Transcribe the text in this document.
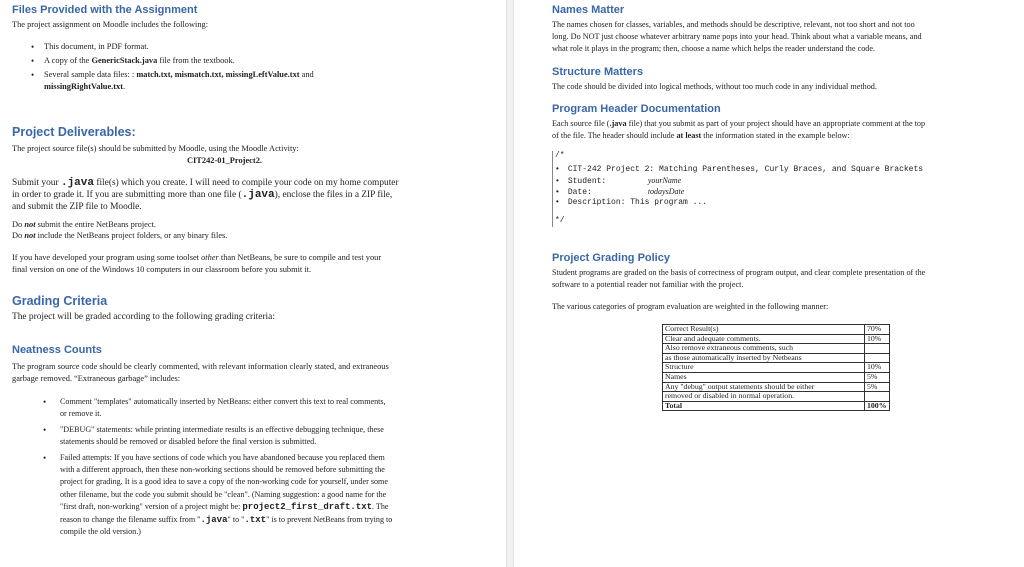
Files Provided with the Assignment
The project assignment on Moodle includes the following:
• This document, in PDF format.
• A copy of the GenericStack.java file from the textbook.
• Several sample data files: : match.txt, mismatch.txt, missingLeftValue.txt and
missingRightValue.txt.
Project Deliverables:
The project source file(s) should be submitted by Moodle, using the Moodle Activity:
CIT242-01_Project2.
Submit your .java file(s) which you create. I will need to compile your code on my home computer
in order to grade it. If you are submitting more than one file (.java), enclose the files in a ZIP file,
and submit the ZIP file to Moodle.
Do not submit the entire NetBeans project.
Do not include the NetBeans project folders, or any binary files.
If you have developed your program using some toolset other than NetBeans, be sure to compile and test your
final version on one of the Windows 10 computers in our classroom before you submit it.
Grading Criteria
The project will be graded according to the following grading criteria:
Neatness Counts
The program source code should be clearly commented, with relevant information clearly stated, and extraneous
garbage removed. “Extraneous garbage” includes:
• Comment "templates" automatically inserted by NetBeans: either convert this text to real comments,
or remove it.
• "DEBUG" statements: while printing intermediate results is an effective debugging technique, these
statements should be removed or disabled before the final version is submitted.
• Failed attempts: If you have sections of code which you have abandoned because you replaced them
with a different approach, then these non-working sections should be removed before submitting the
project for grading. It is a good idea to save a copy of the non-working code for yourself, under some
other filename, but the code you submit should be "clean". (Naming suggestion: a good name for the
"first draft, non-working" version of a project might be: project2_first_draft.txt. The
reason to change the filename suffix from ".java" to ".txt" is to prevent NetBeans from trying to
compile the old version.)
Names Matter
The names chosen for classes, variables, and methods should be descriptive, relevant, not too short and not too
long. Do NOT just choose whatever arbitrary name pops into your head. Think about what a variable means, and
what role it plays in the program; then, choose a name which helps the reader understand the code.
Structure Matters
The code should be divided into logical methods, without too much code in any individual method.
Program Header Documentation
Each source file (.java file) that you submit as part of your project should have an appropriate comment at the top
of the file. The header should include at least the information stated in the example below:
/*
• CIT-242 Project 2: Matching Parentheses, Curly Braces, and Square Brackets
• Student:	yourName
• Date:	todaysDate
• Description: This program ...
*/
Project Grading Policy
Student programs are graded on the basis of correctness of program output, and clear complete presentation of the
software to a potential reader not familiar with the project.
The various categories of program evaluation are weighted in the following manner:
Correct Result(s)	70%
Clear and adequate comments.	10%
Also remove extraneous comments, such	
as those automatically inserted by Netbeans	
Structure	10%
Names	5%
Any "debug" output statements should be either	5%
removed or disabled in normal operation.	
Total	100%
